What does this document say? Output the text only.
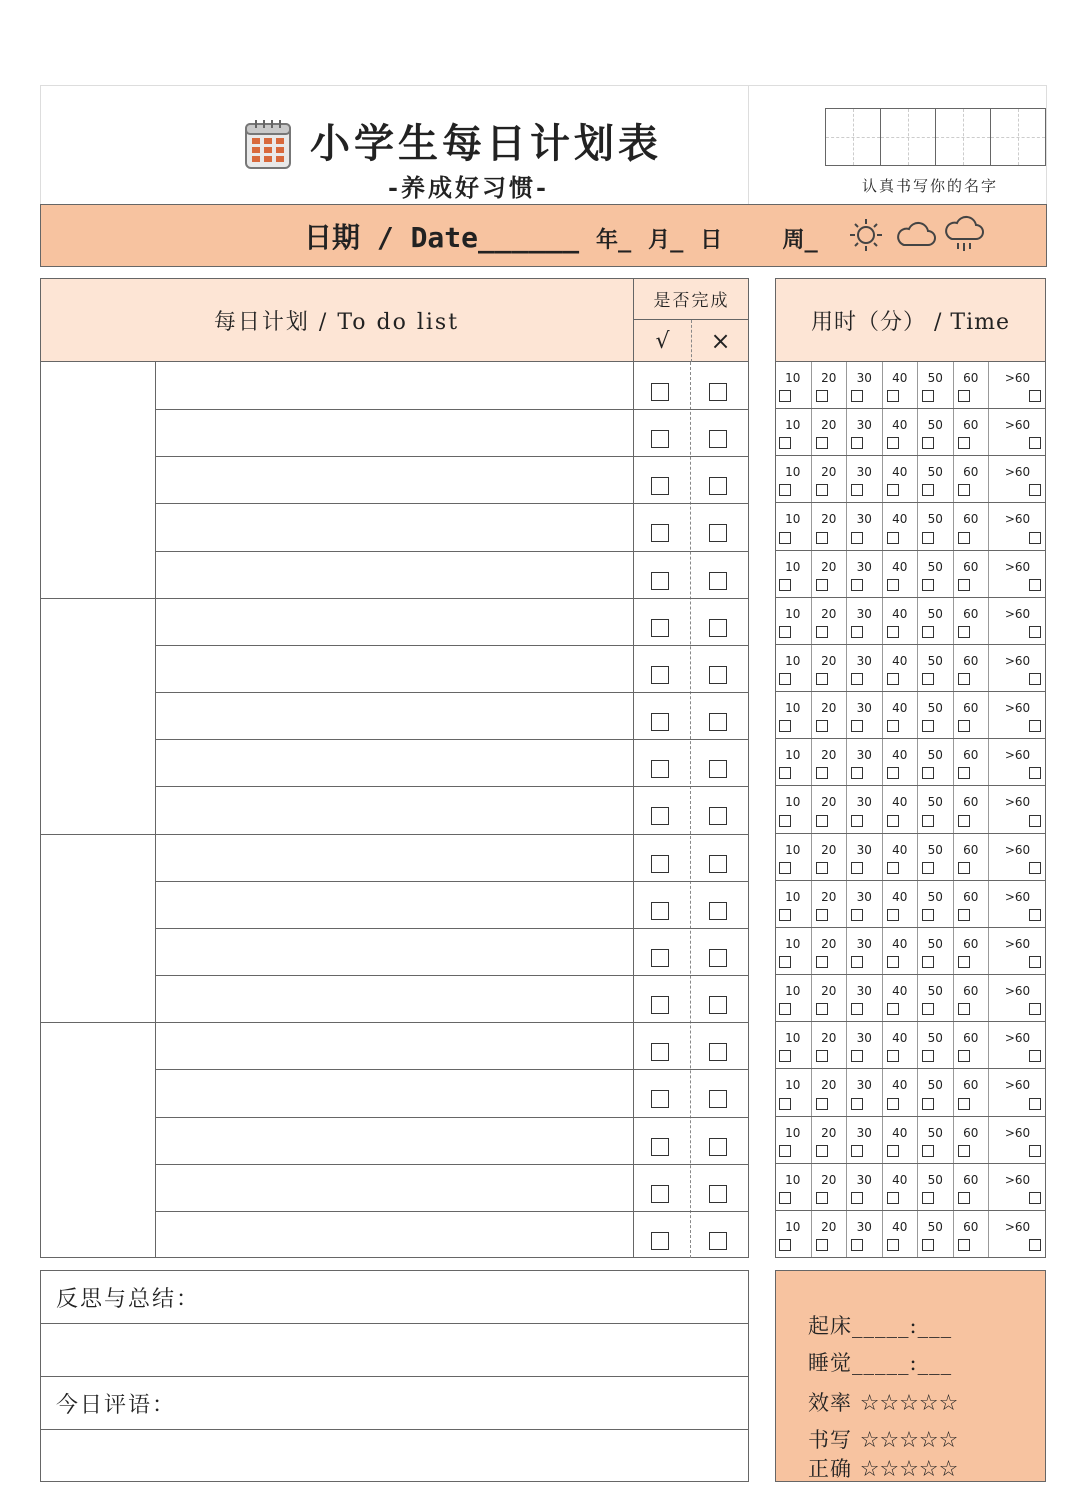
小学生每日计划表
-养成好习惯-	认真书写你的名字
日期 / Date______ 年_ 月_ 日	周_
每日计划 / To do list
是否完成
√	×
用时（分） / Time
10	20	30	40	50	60	>60
10	20	30	40	50	60	>60
10	20	30	40	50	60	>60
10	20	30	40	50	60	>60
10	20	30	40	50	60	>60
10	20	30	40	50	60	>60
10	20	30	40	50	60	>60
10	20	30	40	50	60	>60
10	20	30	40	50	60	>60
10	20	30	40	50	60	>60
10	20	30	40	50	60	>60
10	20	30	40	50	60	>60
10	20	30	40	50	60	>60
10	20	30	40	50	60	>60
10	20	30	40	50	60	>60
10	20	30	40	50	60	>60
10	20	30	40	50	60	>60
10	20	30	40	50	60	>60
10	20	30	40	50	60	>60
反思与总结：
今日评语：
起床_____:___
睡觉_____:___
效率 ☆☆☆☆☆
书写 ☆☆☆☆☆
正确 ☆☆☆☆☆
